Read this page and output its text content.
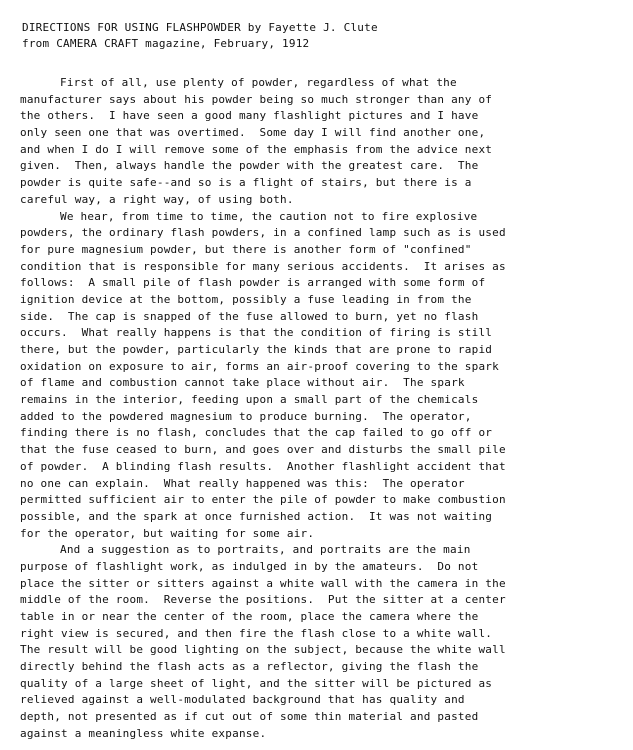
DIRECTIONS FOR USING FLASHPOWDER by Fayette J. Clute
from CAMERA CRAFT magazine, February, 1912
First of all, use plenty of powder, regardless of what the
manufacturer says about his powder being so much stronger than any of
the others.  I have seen a good many flashlight pictures and I have
only seen one that was overtimed.  Some day I will find another one,
and when I do I will remove some of the emphasis from the advice next
given.  Then, always handle the powder with the greatest care.  The
powder is quite safe--and so is a flight of stairs, but there is a
careful way, a right way, of using both.
We hear, from time to time, the caution not to fire explosive
powders, the ordinary flash powders, in a confined lamp such as is used
for pure magnesium powder, but there is another form of "confined"
condition that is responsible for many serious accidents.  It arises as
follows:  A small pile of flash powder is arranged with some form of
ignition device at the bottom, possibly a fuse leading in from the
side.  The cap is snapped of the fuse allowed to burn, yet no flash
occurs.  What really happens is that the condition of firing is still
there, but the powder, particularly the kinds that are prone to rapid
oxidation on exposure to air, forms an air-proof covering to the spark
of flame and combustion cannot take place without air.  The spark
remains in the interior, feeding upon a small part of the chemicals
added to the powdered magnesium to produce burning.  The operator,
finding there is no flash, concludes that the cap failed to go off or
that the fuse ceased to burn, and goes over and disturbs the small pile
of powder.  A blinding flash results.  Another flashlight accident that
no one can explain.  What really happened was this:  The operator
permitted sufficient air to enter the pile of powder to make combustion
possible, and the spark at once furnished action.  It was not waiting
for the operator, but waiting for some air.
And a suggestion as to portraits, and portraits are the main
purpose of flashlight work, as indulged in by the amateurs.  Do not
place the sitter or sitters against a white wall with the camera in the
middle of the room.  Reverse the positions.  Put the sitter at a center
table in or near the center of the room, place the camera where the
right view is secured, and then fire the flash close to a white wall.
The result will be good lighting on the subject, because the white wall
directly behind the flash acts as a reflector, giving the flash the
quality of a large sheet of light, and the sitter will be pictured as
relieved against a well-modulated background that has quality and
depth, not presented as if cut out of some thin material and pasted
against a meaningless white expanse.
